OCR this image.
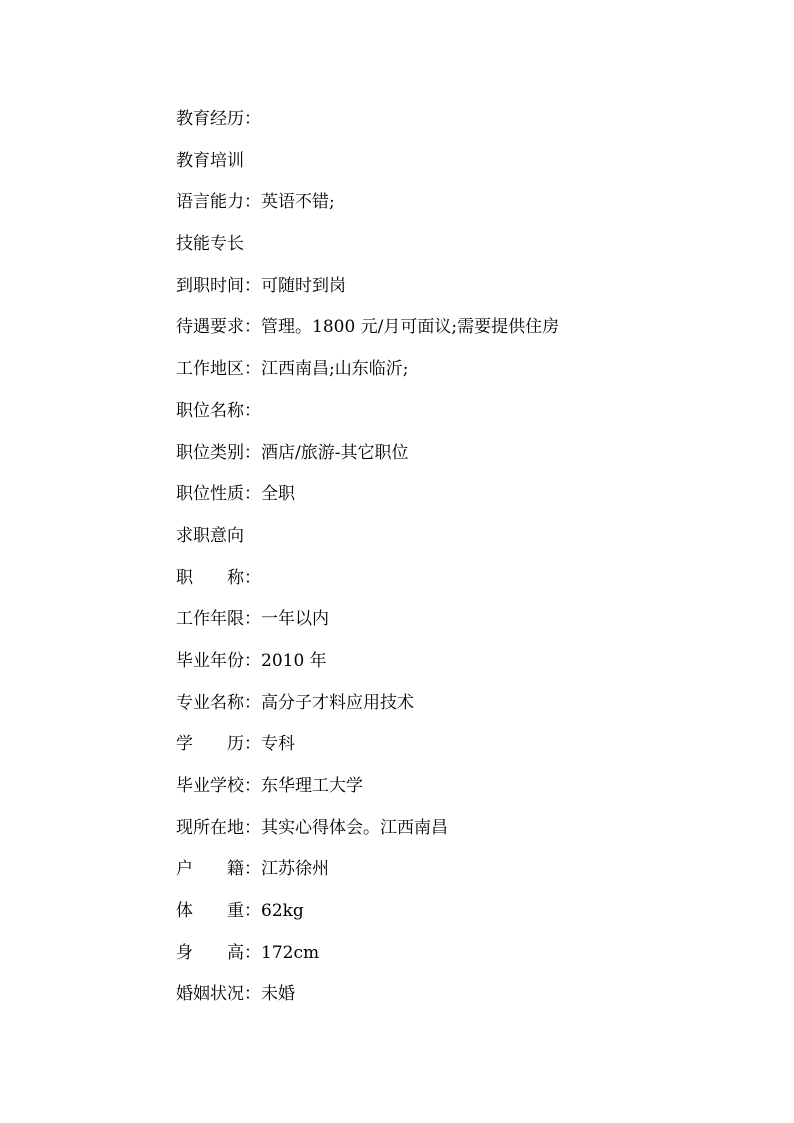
教育经历：
教育培训
语言能力：英语不错;
技能专长
到职时间：可随时到岗
待遇要求：管理。1800 元/月可面议;需要提供住房
工作地区：江西南昌;山东临沂;
职位名称：
职位类别：酒店/旅游-其它职位
职位性质：全职
求职意向
职　　称：
工作年限：一年以内
毕业年份：2010 年
专业名称：高分子才料应用技术
学　　历：专科
毕业学校：东华理工大学
现所在地：其实心得体会。江西南昌
户　　籍：江苏徐州
体　　重：62kg
身　　高：172cm
婚姻状况：未婚
